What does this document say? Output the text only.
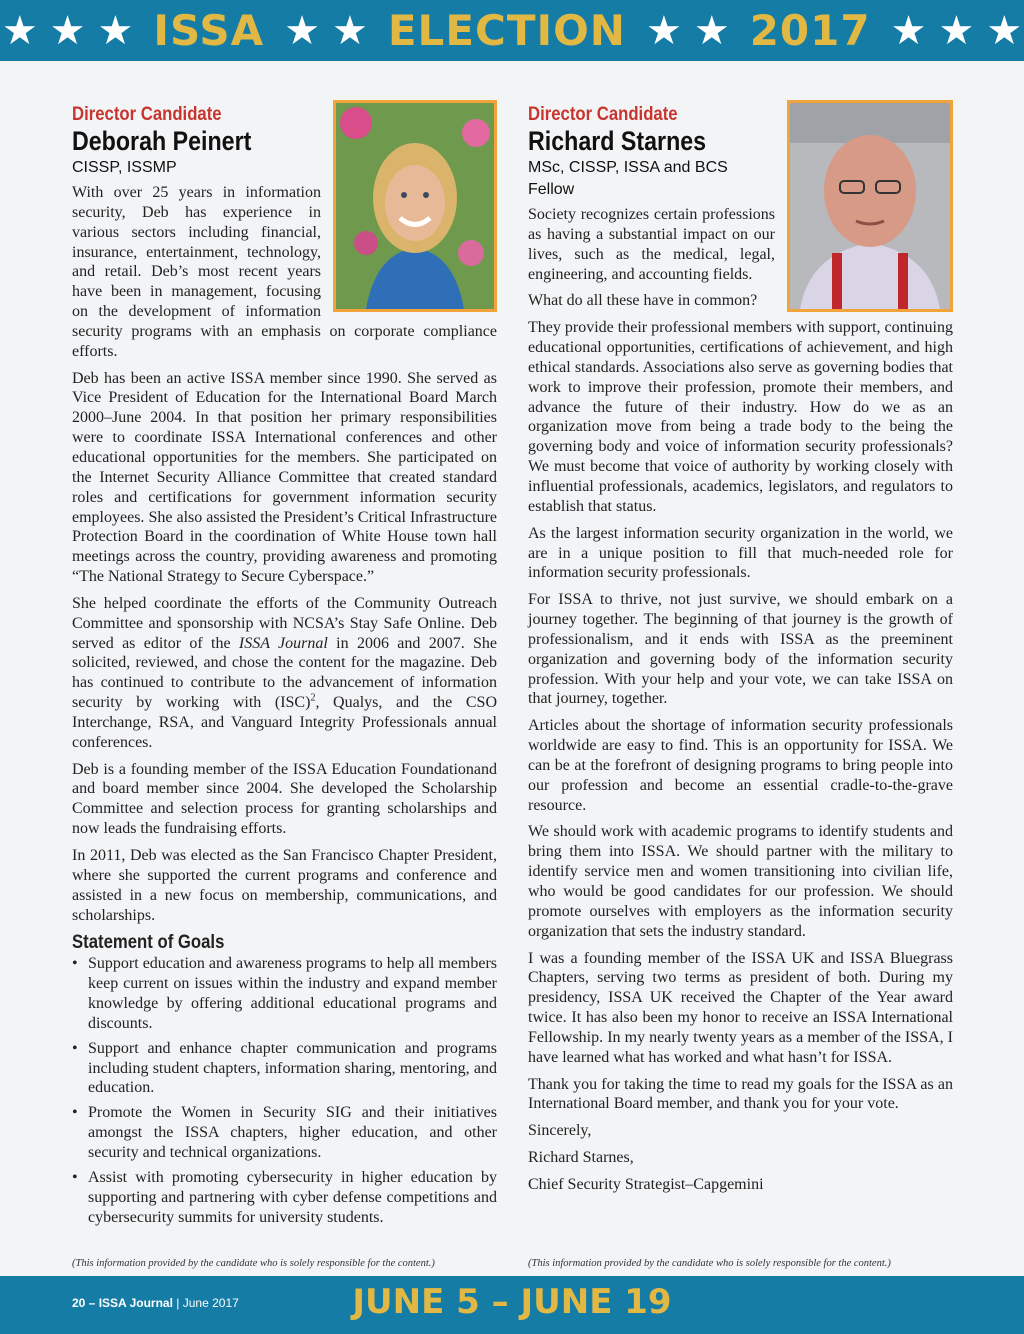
★ ★ ★ ISSA ★ ★ ELECTION ★ ★ 2017 ★ ★ ★
Director Candidate
Deborah Peinert
CISSP, ISSMP

With over 25 years in information security, Deb has experience in various sectors including financial, insurance, entertainment, technology, and retail. Deb’s most recent years have been in management, focusing on the development of information security programs with an emphasis on corporate compliance efforts.

Deb has been an active ISSA member since 1990. She served as Vice President of Education for the International Board March 2000–June 2004. In that position her primary responsibilities were to coordinate ISSA International conferences and other educational opportunities for the members. She participated on the Internet Security Alliance Committee that created standard roles and certifications for government information security employees. She also assisted the President’s Critical Infrastructure Protection Board in the coordination of White House town hall meetings across the country, providing awareness and promoting “The National Strategy to Secure Cyberspace.”

She helped coordinate the efforts of the Community Outreach Committee and sponsorship with NCSA’s Stay Safe Online. Deb served as editor of the ISSA Journal in 2006 and 2007. She solicited, reviewed, and chose the content for the magazine. Deb has continued to contribute to the advancement of information security by working with (ISC)$^2$, Qualys, and the CSO Interchange, RSA, and Vanguard Integrity Professionals annual conferences.

Deb is a founding member of the ISSA Education Foundationand and board member since 2004. She developed the Scholarship Committee and selection process for granting scholarships and now leads the fundraising efforts.

In 2011, Deb was elected as the San Francisco Chapter President, where she supported the current programs and conference and assisted in a new focus on membership, communications, and scholarships.

Statement of Goals
• Support education and awareness programs to help all members keep current on issues within the industry and expand member knowledge by offering additional educational programs and discounts.
• Support and enhance chapter communication and programs including student chapters, information sharing, mentoring, and education.
• Promote the Women in Security SIG and their initiatives amongst the ISSA chapters, higher education, and other security and technical organizations.
• Assist with promoting cybersecurity in higher education by supporting and partnering with cyber defense competitions and cybersecurity summits for university students.
Director Candidate
Richard Starnes
MSc, CISSP, ISSA and BCS Fellow

Society recognizes certain professions as having a substantial impact on our lives, such as the medical, legal, engineering, and accounting fields.

What do all these have in common?

They provide their professional members with support, continuing educational opportunities, certifications of achievement, and high ethical standards. Associations also serve as governing bodies that work to improve their profession, promote their members, and advance the future of their industry. How do we as an organization move from being a trade body to the being the governing body and voice of information security professionals? We must become that voice of authority by working closely with influential professionals, academics, legislators, and regulators to establish that status.

As the largest information security organization in the world, we are in a unique position to fill that much-needed role for information security professionals.

For ISSA to thrive, not just survive, we should embark on a journey together. The beginning of that journey is the growth of professionalism, and it ends with ISSA as the preeminent organization and governing body of the information security profession. With your help and your vote, we can take ISSA on that journey, together.

Articles about the shortage of information security professionals worldwide are easy to find. This is an opportunity for ISSA. We can be at the forefront of designing programs to bring people into our profession and become an essential cradle-to-the-grave resource.

We should work with academic programs to identify students and bring them into ISSA. We should partner with the military to identify service men and women transitioning into civilian life, who would be good candidates for our profession. We should promote ourselves with employers as the information security organization that sets the industry standard.

I was a founding member of the ISSA UK and ISSA Bluegrass Chapters, serving two terms as president of both. During my presidency, ISSA UK received the Chapter of the Year award twice. It has also been my honor to receive an ISSA International Fellowship. In my nearly twenty years as a member of the ISSA, I have learned what has worked and what hasn’t for ISSA.

Thank you for taking the time to read my goals for the ISSA as an International Board member, and thank you for your vote.

Sincerely,

Richard Starnes,

Chief Security Strategist–Capgemini

(This information provided by the candidate who is solely responsible for the content.)	(This information provided by the candidate who is solely responsible for the content.)
20 – ISSA Journal | June 2017	JUNE 5 – JUNE 19
